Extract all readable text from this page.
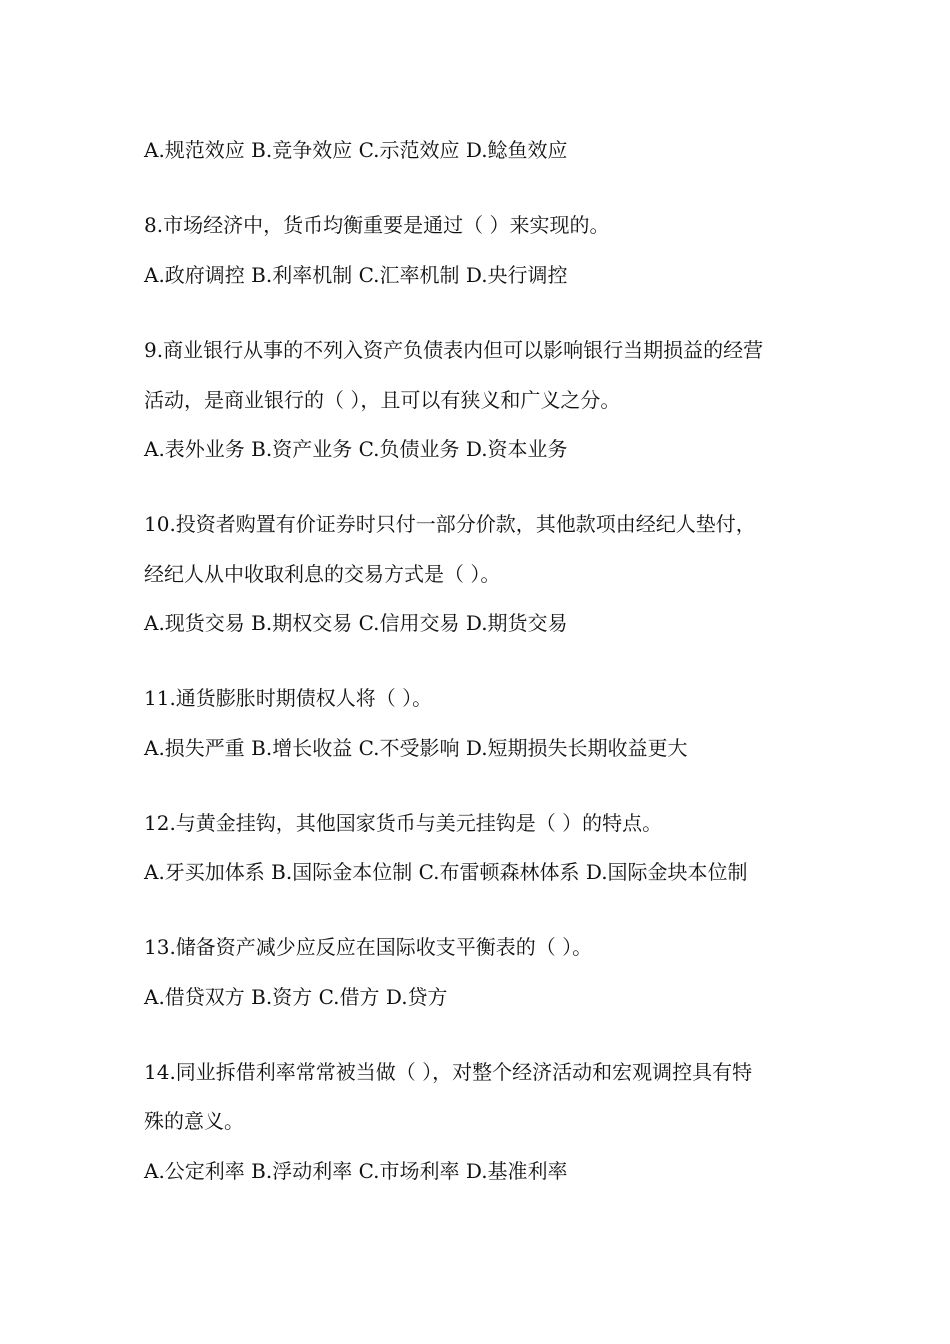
A.规范效应 B.竞争效应 C.示范效应 D.鲶鱼效应
8.市场经济中，货币均衡重要是通过（ ）来实现的。
A.政府调控 B.利率机制 C.汇率机制 D.央行调控
9.商业银行从事的不列入资产负债表内但可以影响银行当期损益的经营
活动，是商业银行的（ ），且可以有狭义和广义之分。
A.表外业务 B.资产业务 C.负债业务 D.资本业务
10.投资者购置有价证券时只付一部分价款，其他款项由经纪人垫付，
经纪人从中收取利息的交易方式是（ ）。
A.现货交易 B.期权交易 C.信用交易 D.期货交易
11.通货膨胀时期债权人将（ ）。
A.损失严重 B.增长收益 C.不受影响 D.短期损失长期收益更大
12.与黄金挂钩，其他国家货币与美元挂钩是（ ）的特点。
A.牙买加体系 B.国际金本位制 C.布雷顿森林体系 D.国际金块本位制
13.储备资产减少应反应在国际收支平衡表的（ ）。
A.借贷双方 B.资方 C.借方 D.贷方
14.同业拆借利率常常被当做（ ），对整个经济活动和宏观调控具有特
殊的意义。
A.公定利率 B.浮动利率 C.市场利率 D.基准利率
